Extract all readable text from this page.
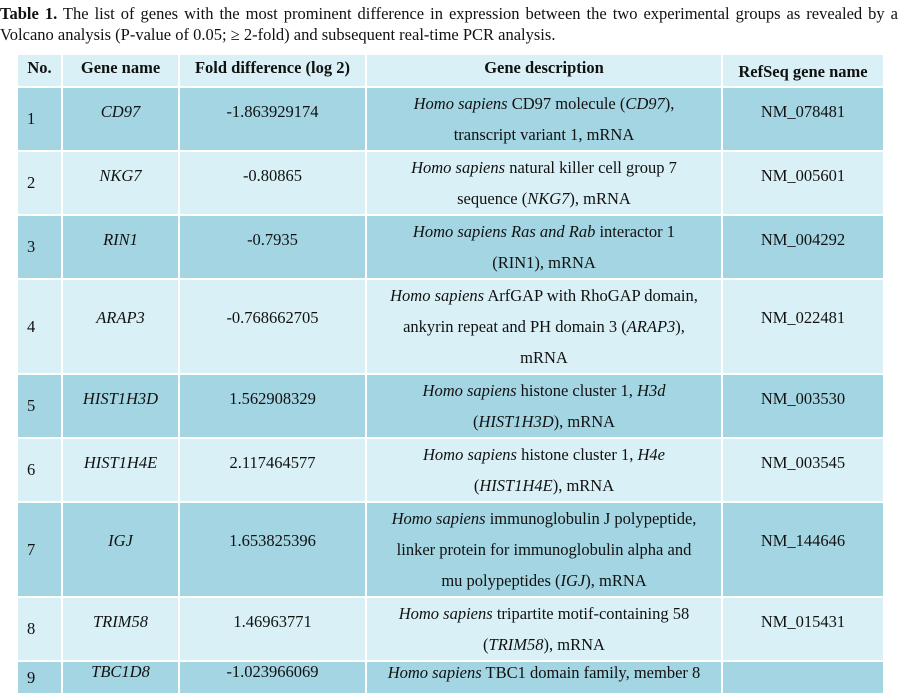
Table 1. The list of genes with the most prominent difference in expression between the two experimental groups as revealed by a Volcano analysis (P-value of 0.05; ≥ 2-fold) and subsequent real-time PCR analysis.
No.	Gene name	Fold difference (log 2)	Gene description	RefSeq gene name
1	CD97	-1.863929174	Homo sapiens CD97 molecule (CD97),
transcript variant 1, mRNA	NM_078481
2	NKG7	-0.80865	Homo sapiens natural killer cell group 7
sequence (NKG7), mRNA	NM_005601
3	RIN1	-0.7935	Homo sapiens Ras and Rab interactor 1
(RIN1), mRNA	NM_004292
4	ARAP3	-0.768662705	Homo sapiens ArfGAP with RhoGAP domain,
ankyrin repeat and PH domain 3 (ARAP3),
mRNA	NM_022481
5	HIST1H3D	1.562908329	Homo sapiens histone cluster 1, H3d
(HIST1H3D), mRNA	NM_003530
6	HIST1H4E	2.117464577	Homo sapiens histone cluster 1, H4e
(HIST1H4E), mRNA	NM_003545
7	IGJ	1.653825396	Homo sapiens immunoglobulin J polypeptide,
linker protein for immunoglobulin alpha and
mu polypeptides (IGJ), mRNA	NM_144646
8	TRIM58	1.46963771	Homo sapiens tripartite motif-containing 58
(TRIM58), mRNA	NM_015431
9	TBC1D8	-1.023966069	Homo sapiens TBC1 domain family, member 8	
